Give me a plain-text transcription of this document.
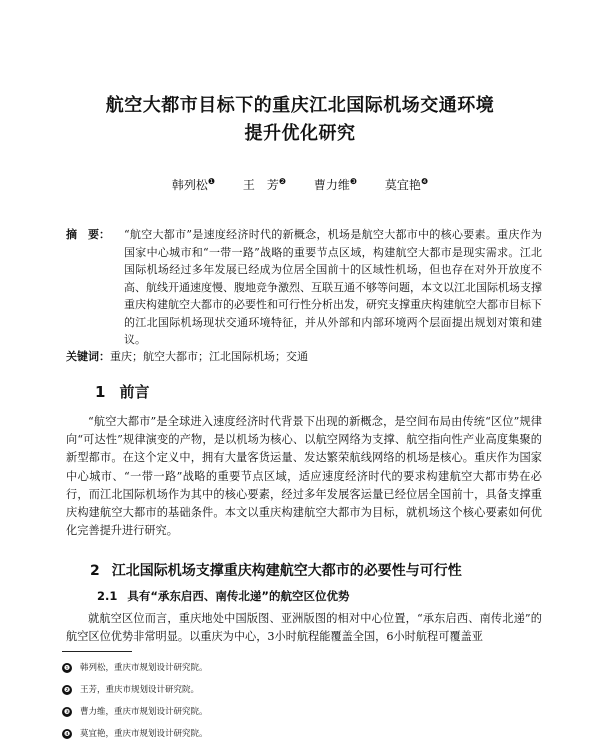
航空大都市目标下的重庆江北国际机场交通环境
提升优化研究
韩列松$^❶$ 王　芳$^❷$ 曹力维$^❸$ 莫宜艳$^❹$
摘　要：	“航空大都市”是速度经济时代的新概念，机场是航空大都市中的核心要素。重庆作为国家中心城市和“一带一路”战略的重要节点区域，构建航空大都市是现实需求。江北国际机场经过多年发展已经成为位居全国前十的区域性机场，但也存在对外开放度不高、航线开通速度慢、腹地竞争激烈、互联互通不够等问题，本文以江北国际机场支撑重庆构建航空大都市的必要性和可行性分析出发，研究支撑重庆构建航空大都市目标下的江北国际机场现状交通环境特征，并从外部和内部环境两个层面提出规划对策和建议。
关键词：重庆；航空大都市；江北国际机场；交通
1 前言
“航空大都市”是全球进入速度经济时代背景下出现的新概念，是空间布局由传统“区位”规律向“可达性”规律演变的产物，是以机场为核心、以航空网络为支撑、航空指向性产业高度集聚的新型都市。在这个定义中，拥有大量客货运量、发达繁荣航线网络的机场是核心。重庆作为国家中心城市、“一带一路”战略的重要节点区域，适应速度经济时代的要求构建航空大都市势在必行，而江北国际机场作为其中的核心要素，经过多年发展客运量已经位居全国前十，具备支撑重庆构建航空大都市的基础条件。本文以重庆构建航空大都市为目标，就机场这个核心要素如何优化完善提升进行研究。
2 江北国际机场支撑重庆构建航空大都市的必要性与可行性
2.1 具有“承东启西、南传北递”的航空区位优势
就航空区位而言，重庆地处中国版图、亚洲版图的相对中心位置，“承东启西、南传北递”的航空区位优势非常明显。以重庆为中心，3小时航程能覆盖全国，6小时航程可覆盖亚
❶ 韩列松，重庆市规划设计研究院。
❷ 王芳，重庆市规划设计研究院。
❸ 曹力维，重庆市规划设计研究院。
❹ 莫宜艳，重庆市规划设计研究院。
